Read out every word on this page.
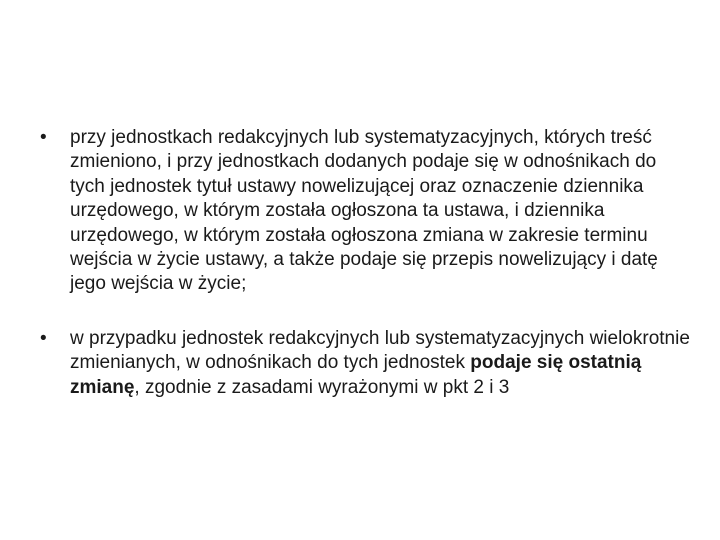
•	przy jednostkach redakcyjnych lub systematyzacyjnych, których treść zmieniono, i przy jednostkach dodanych podaje się w odnośnikach do tych jednostek tytuł ustawy nowelizującej oraz oznaczenie dziennika urzędowego, w którym została ogłoszona ta ustawa, i dziennika urzędowego, w którym została ogłoszona zmiana w zakresie terminu wejścia w życie ustawy, a także podaje się przepis nowelizujący i datę jego wejścia w życie;
•	w przypadku jednostek redakcyjnych lub systematyzacyjnych wielokrotnie zmienianych, w odnośnikach do tych jednostek podaje się ostatnią zmianę, zgodnie z zasadami wyrażonymi w pkt 2 i 3
